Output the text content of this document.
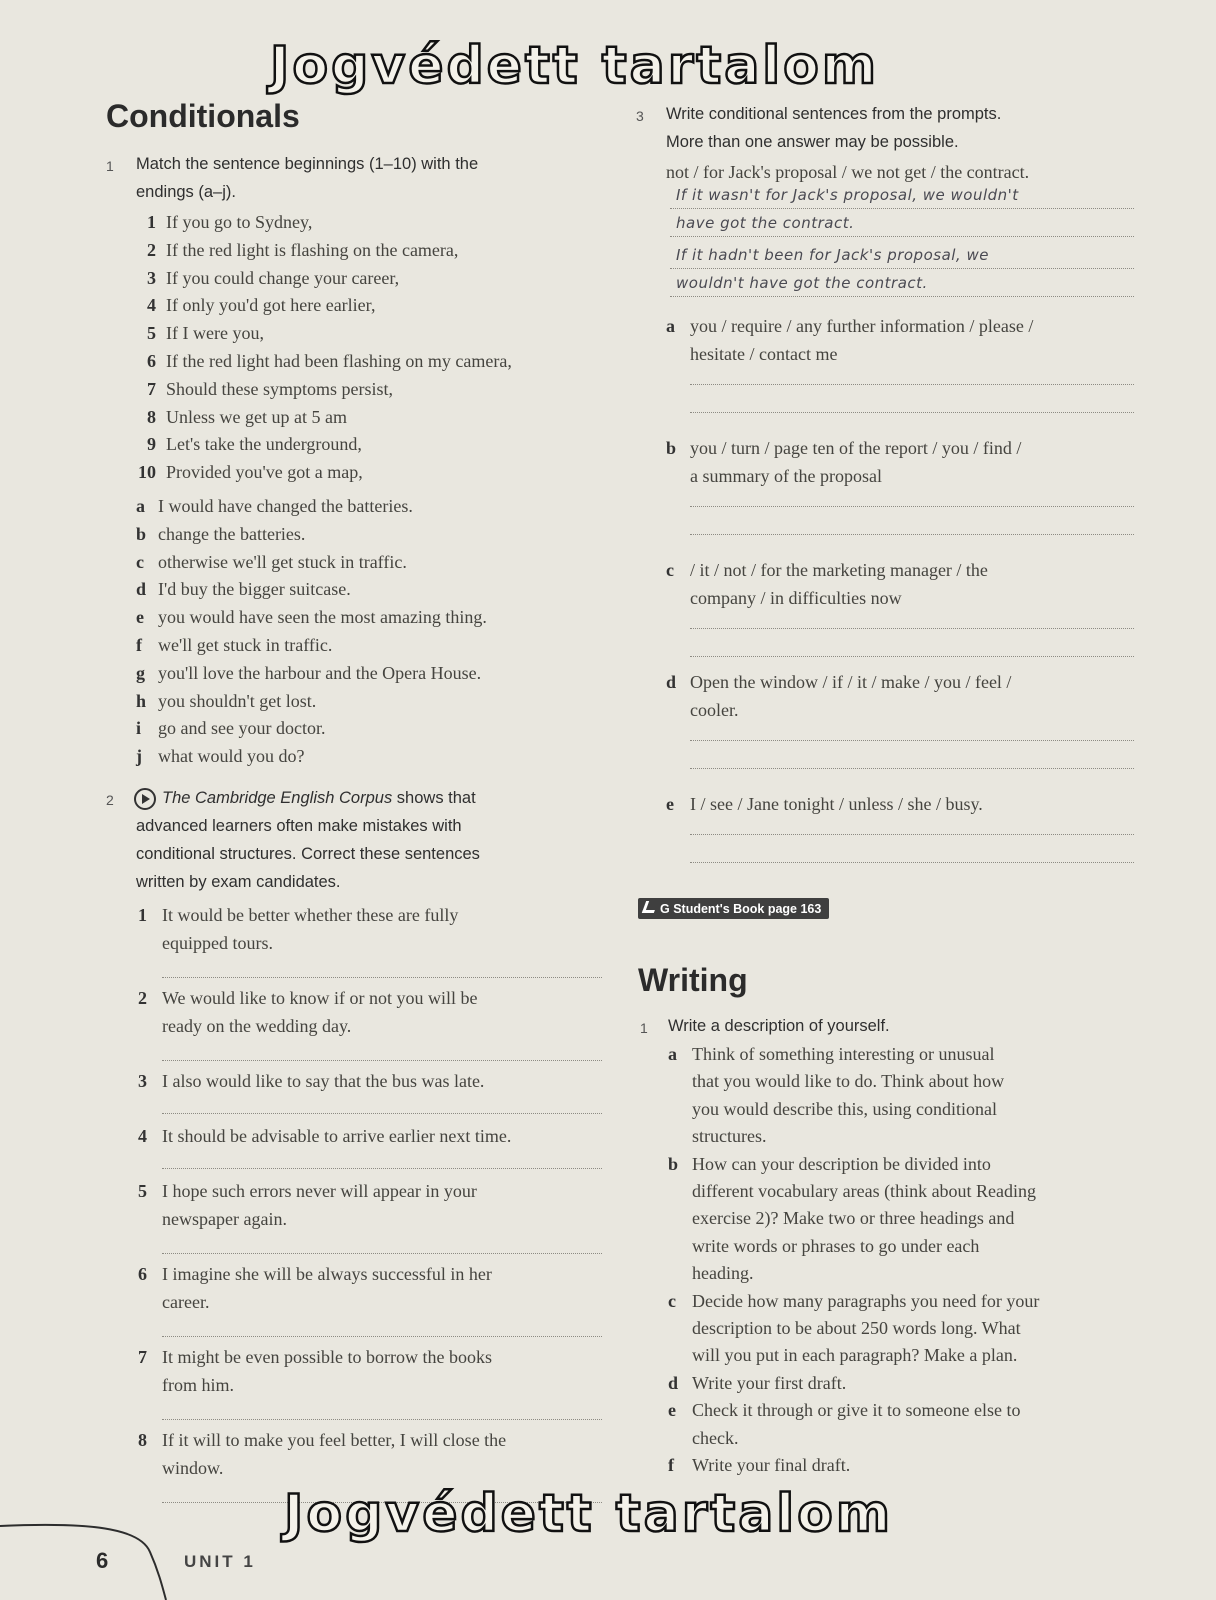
Jogvédett tartalom
Conditionals
1 Match the sentence beginnings (1–10) with the
endings (a–j).
1 If you go to Sydney,
2 If the red light is flashing on the camera,
3 If you could change your career,
4 If only you'd got here earlier,
5 If I were you,
6 If the red light had been flashing on my camera,
7 Should these symptoms persist,
8 Unless we get up at 5 am
9 Let's take the underground,
10 Provided you've got a map,
a I would have changed the batteries.
b change the batteries.
c otherwise we'll get stuck in traffic.
d I'd buy the bigger suitcase.
e you would have seen the most amazing thing.
f we'll get stuck in traffic.
g you'll love the harbour and the Opera House.
h you shouldn't get lost.
i go and see your doctor.
j what would you do?
2	The Cambridge English Corpus shows that
advanced learners often make mistakes with
conditional structures. Correct these sentences
written by exam candidates.
1 It would be better whether these are fully
equipped tours.
2 We would like to know if or not you will be
ready on the wedding day.
3 I also would like to say that the bus was late.
4 It should be advisable to arrive earlier next time.
5 I hope such errors never will appear in your
newspaper again.
6 I imagine she will be always successful in her
career.
7 It might be even possible to borrow the books
from him.
8 If it will to make you feel better, I will close the
window.
3 Write conditional sentences from the prompts.
More than one answer may be possible.
not / for Jack's proposal / we not get / the contract.
If it wasn't for Jack's proposal, we wouldn't
have got the contract.
If it hadn't been for Jack's proposal, we
wouldn't have got the contract.
a you / require / any further information / please /
hesitate / contact me
b you / turn / page ten of the report / you / find /
a summary of the proposal
c / it / not / for the marketing manager / the
company / in difficulties now
d Open the window / if / it / make / you / feel /
cooler.
e I / see / Jane tonight / unless / she / busy.
G Student's Book page 163
Writing
1 Write a description of yourself.
a Think of something interesting or unusual
that you would like to do. Think about how
you would describe this, using conditional
structures.
b How can your description be divided into
different vocabulary areas (think about Reading
exercise 2)? Make two or three headings and
write words or phrases to go under each
heading.
c Decide how many paragraphs you need for your
description to be about 250 words long. What
will you put in each paragraph? Make a plan.
d Write your first draft.
e Check it through or give it to someone else to
check.
f Write your final draft.
6	UNIT 1
Jogvédett tartalom
